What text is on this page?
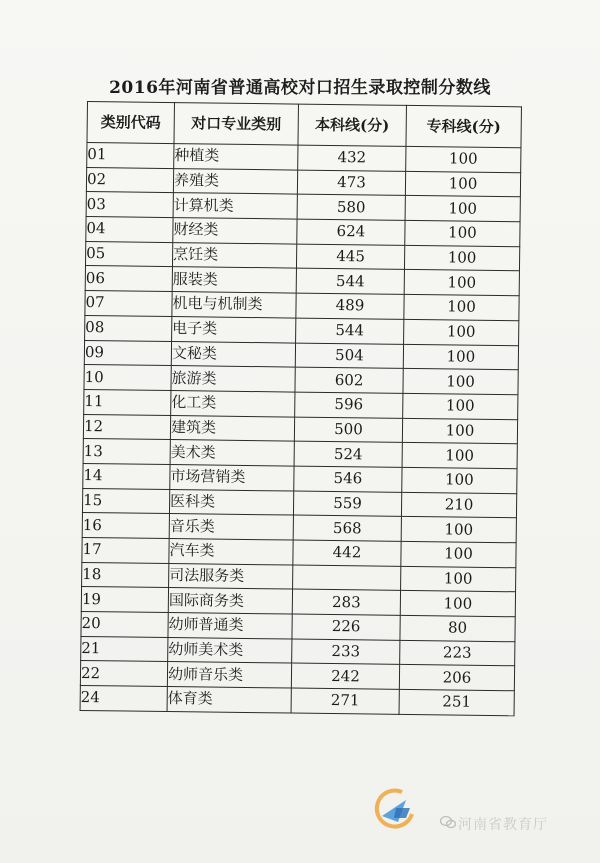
2016年河南省普通高校对口招生录取控制分数线
类别代码	对口专业类别	本科线(分)	专科线(分)
01	种植类	432	100
02	养殖类	473	100
03	计算机类	580	100
04	财经类	624	100
05	烹饪类	445	100
06	服装类	544	100
07	机电与机制类	489	100
08	电子类	544	100
09	文秘类	504	100
10	旅游类	602	100
11	化工类	596	100
12	建筑类	500	100
13	美术类	524	100
14	市场营销类	546	100
15	医科类	559	210
16	音乐类	568	100
17	汽车类	442	100
18	司法服务类		100
19	国际商务类	283	100
20	幼师普通类	226	80
21	幼师美术类	233	223
22	幼师音乐类	242	206
24	体育类	271	251
河南省教育厅
